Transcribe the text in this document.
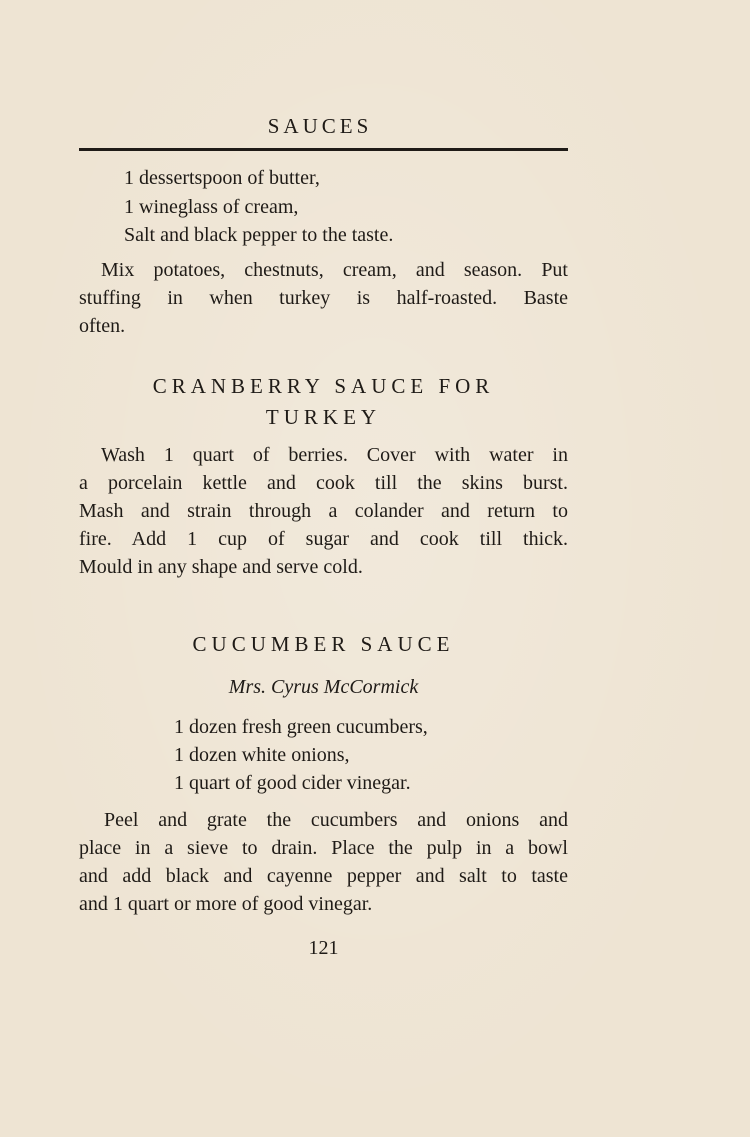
SAUCES
1 dessertspoon of butter,
1 wineglass of cream,
Salt and black pepper to the taste.
Mix potatoes, chestnuts, cream, and season. Put
stuffing in when turkey is half-roasted. Baste
often.
CRANBERRY SAUCE FOR
TURKEY
Wash 1 quart of berries. Cover with water in
a porcelain kettle and cook till the skins burst.
Mash and strain through a colander and return to
fire. Add 1 cup of sugar and cook till thick.
Mould in any shape and serve cold.
CUCUMBER SAUCE
Mrs. Cyrus McCormick
1 dozen fresh green cucumbers,
1 dozen white onions,
1 quart of good cider vinegar.
Peel and grate the cucumbers and onions and
place in a sieve to drain. Place the pulp in a bowl
and add black and cayenne pepper and salt to taste
and 1 quart or more of good vinegar.
121
